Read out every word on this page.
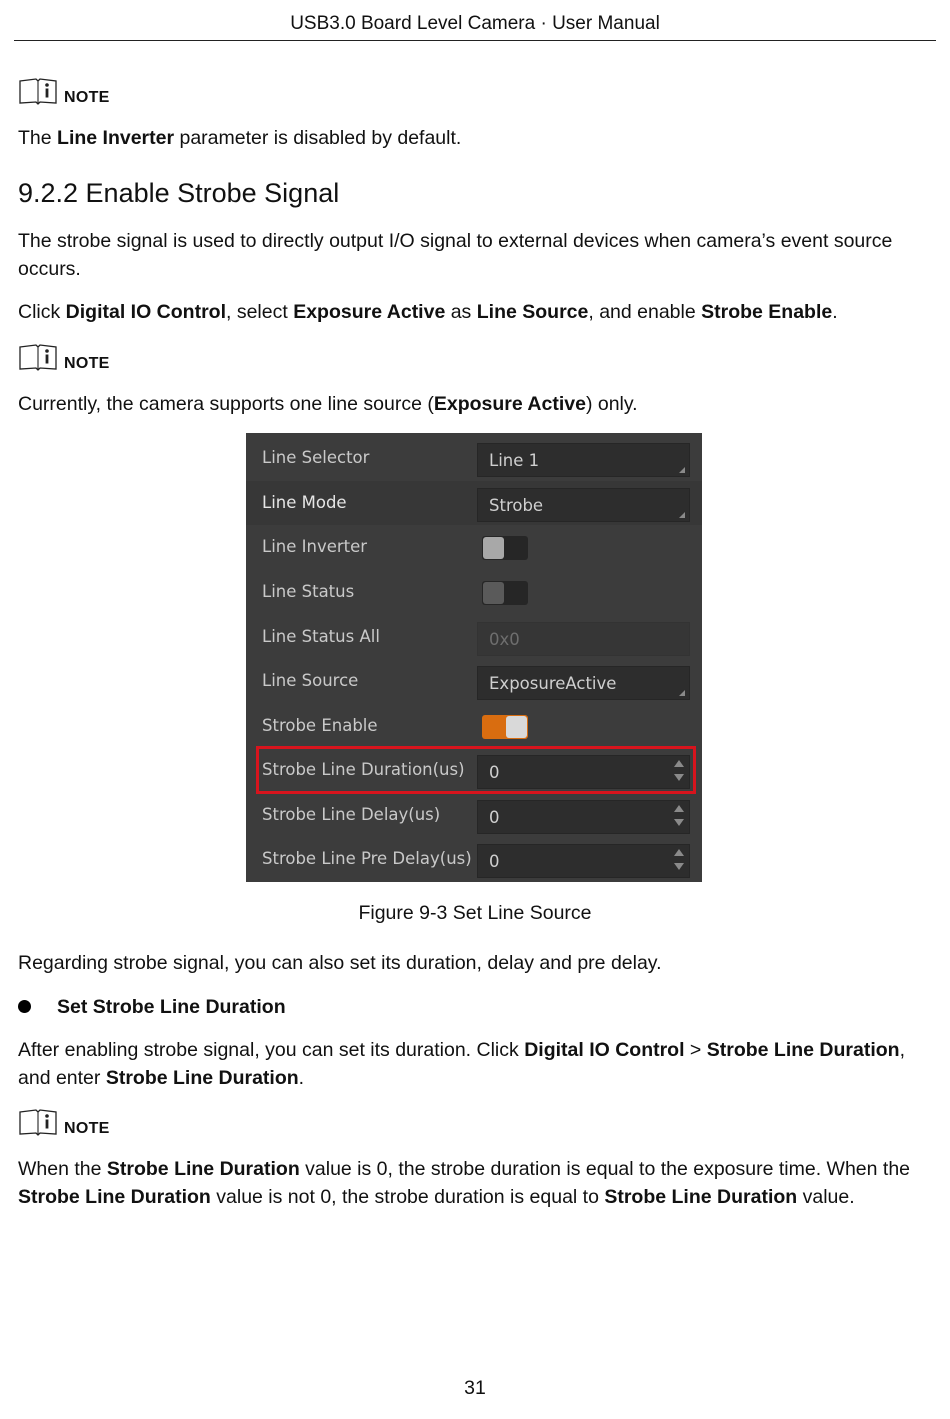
USB3.0 Board Level Camera · User Manual
NOTE
The Line Inverter parameter is disabled by default.
9.2.2 Enable Strobe Signal
The strobe signal is used to directly output I/O signal to external devices when camera’s event source occurs.
Click Digital IO Control, select Exposure Active as Line Source, and enable Strobe Enable.
NOTE
Currently, the camera supports one line source (Exposure Active) only.
Line Selector	Line 1
Line Mode	Strobe
Line Inverter
Line Status
Line Status All	0x0
Line Source	ExposureActive
Strobe Enable
Strobe Line Duration(us) 0
Strobe Line Delay(us)	0
Strobe Line Pre Delay(us) 0
Figure 9-3 Set Line Source
Regarding strobe signal, you can also set its duration, delay and pre delay.
Set Strobe Line Duration
After enabling strobe signal, you can set its duration. Click Digital IO Control > Strobe Line Duration, and enter Strobe Line Duration.
NOTE
When the Strobe Line Duration value is 0, the strobe duration is equal to the exposure time. When the Strobe Line Duration value is not 0, the strobe duration is equal to Strobe Line Duration value.
31
